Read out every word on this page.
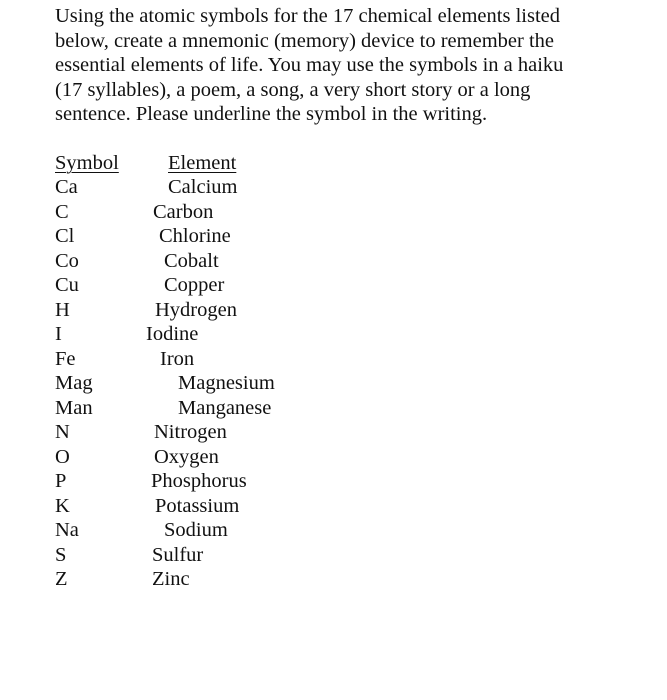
Using the atomic symbols for the 17 chemical elements listed
below, create a mnemonic (memory) device to remember the
essential elements of life. You may use the symbols in a haiku
(17 syllables), a poem, a song, a very short story or a long
sentence. Please underline the symbol in the writing.
Symbol Element
Ca	Calcium
C	Carbon
Cl	Chlorine
Co	Cobalt
Cu	Copper
H	Hydrogen
I	Iodine
Fe	Iron
Mag	Magnesium
Man	Manganese
N	Nitrogen
O	Oxygen
P	Phosphorus
K	Potassium
Na	Sodium
S	Sulfur
Z	Zinc
